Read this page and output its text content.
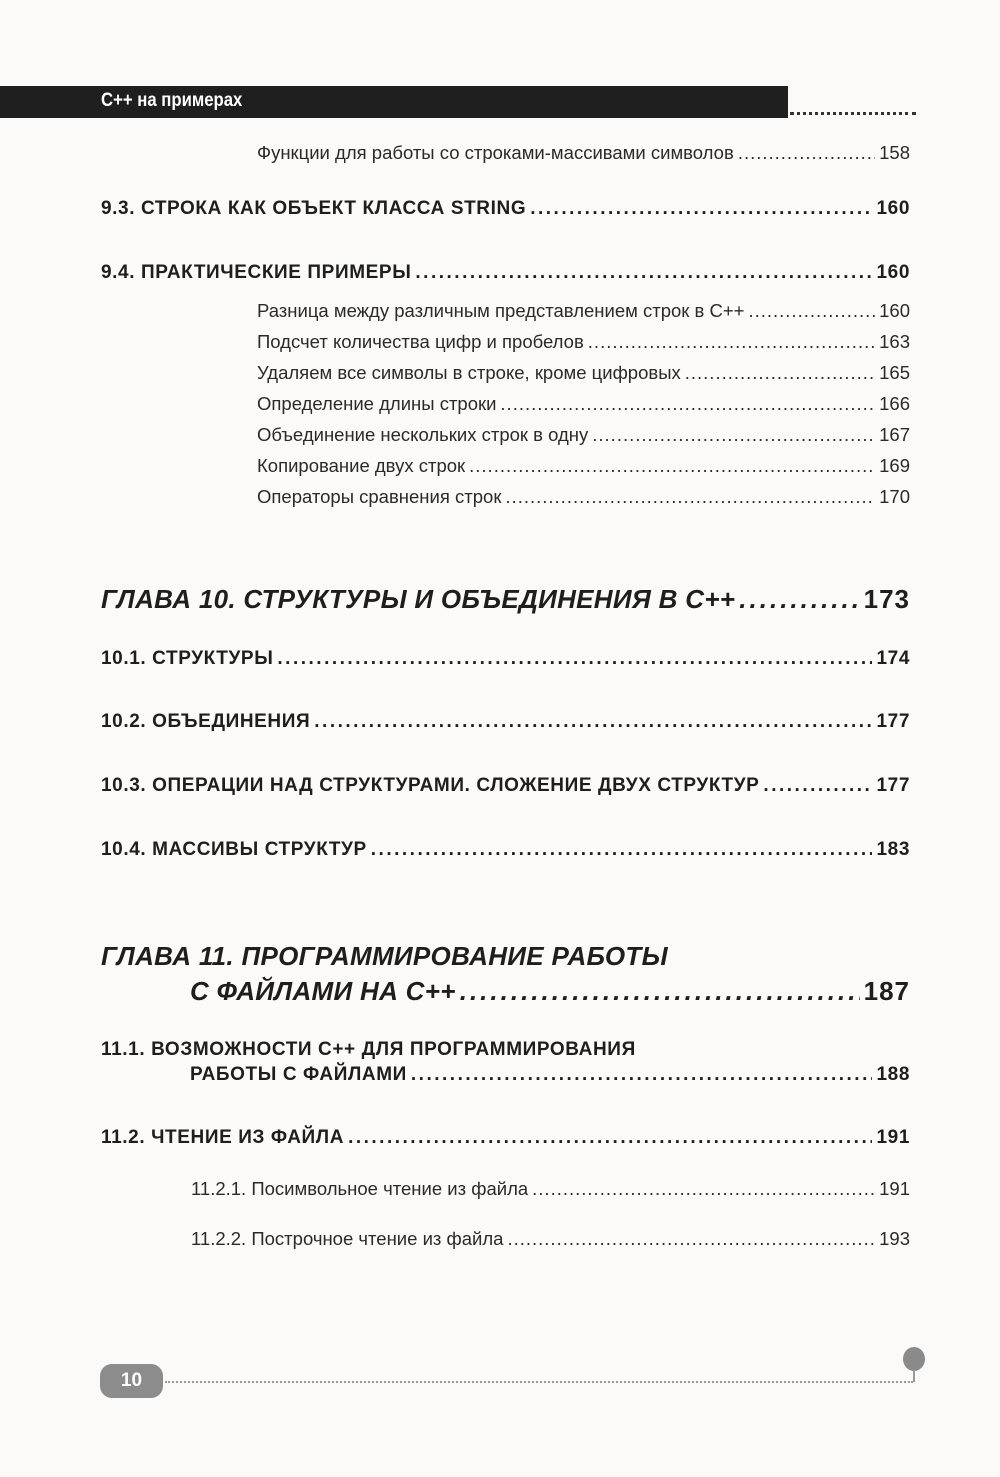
C++ на примерах
Функции для работы со строками-массивами символов .....	158
9.3. СТРОКА КАК ОБЪЕКТ КЛАССА STRING .....	160
9.4. ПРАКТИЧЕСКИЕ ПРИМЕРЫ .....	160
Разница между различным представлением строк в C++ .....	160
Подсчет количества цифр и пробелов .....	163
Удаляем все символы в строке, кроме цифровых .....	165
Определение длины строки .....	166
Объединение нескольких строк в одну .....	167
Копирование двух строк .....	169
Операторы сравнения строк .....	170
ГЛАВА 10. СТРУКТУРЫ И ОБЪЕДИНЕНИЯ В C++ .....	173
10.1. СТРУКТУРЫ .....	174
10.2. ОБЪЕДИНЕНИЯ .....	177
10.3. ОПЕРАЦИИ НАД СТРУКТУРАМИ. СЛОЖЕНИЕ ДВУХ СТРУКТУР .....	177
10.4. МАССИВЫ СТРУКТУР .....	183
ГЛАВА 11. ПРОГРАММИРОВАНИЕ РАБОТЫ
С ФАЙЛАМИ НА C++ .....	187
11.1. ВОЗМОЖНОСТИ C++ ДЛЯ ПРОГРАММИРОВАНИЯ
РАБОТЫ С ФАЙЛАМИ .....	188
11.2. ЧТЕНИЕ ИЗ ФАЙЛА .....	191
11.2.1. Посимвольное чтение из файла .....	191
11.2.2. Построчное чтение из файла .....	193
10
